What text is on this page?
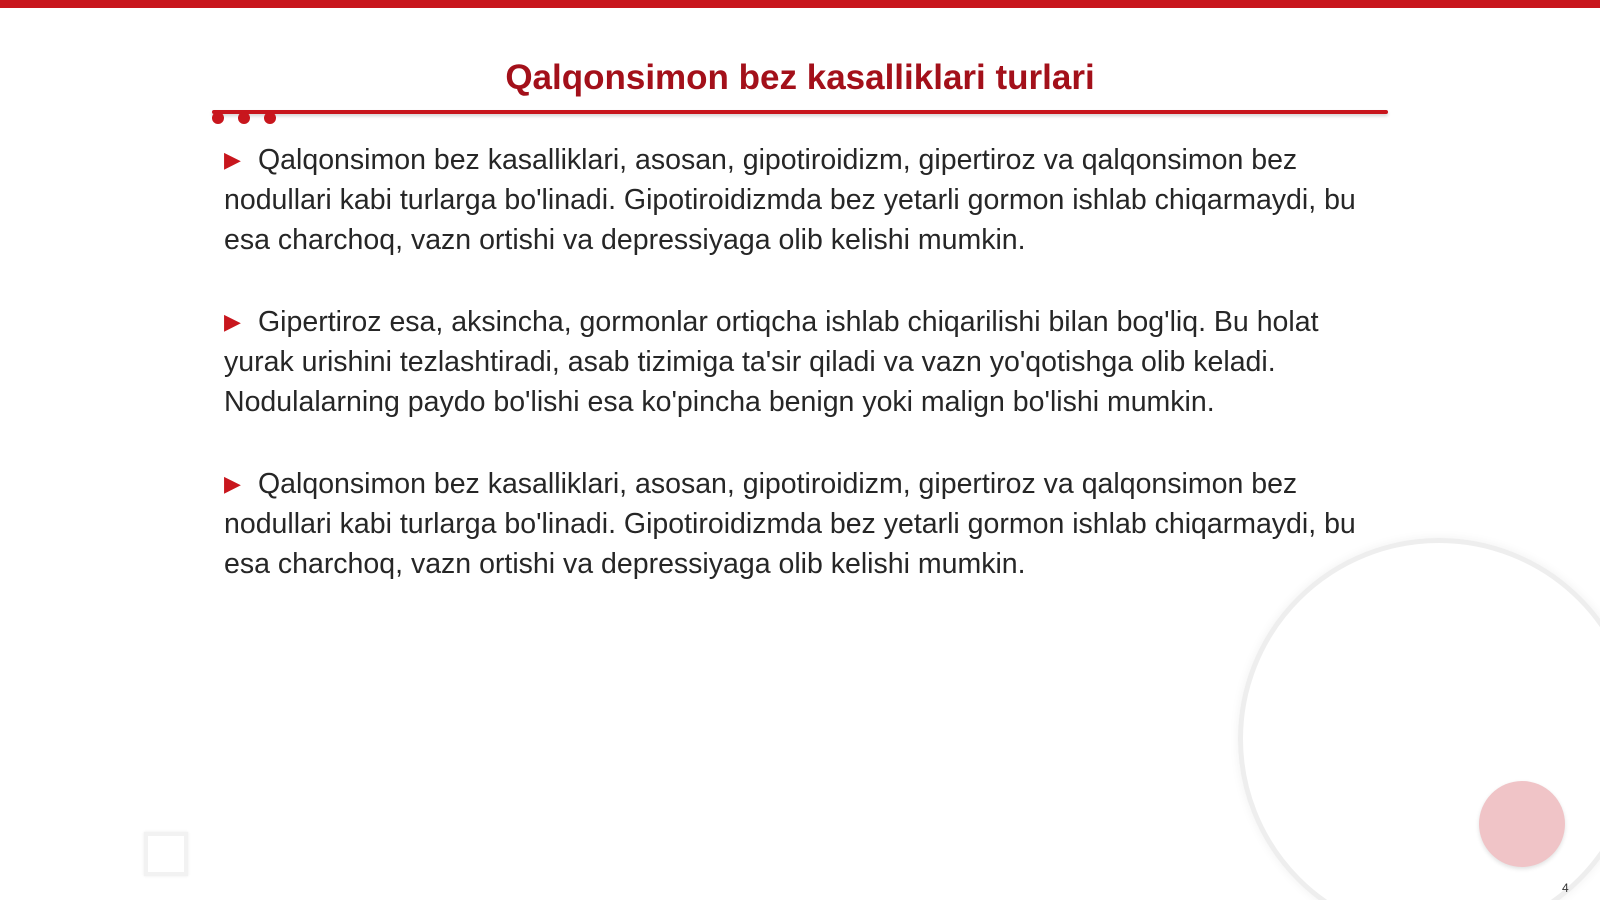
Qalqonsimon bez kasalliklari turlari

▶ Qalqonsimon bez kasalliklari, asosan, gipotiroidizm, gipertiroz va qalqonsimon bez nodullari kabi turlarga bo'linadi. Gipotiroidizmda bez yetarli gormon ishlab chiqarmaydi, bu esa charchoq, vazn ortishi va depressiyaga olib kelishi mumkin.

▶ Gipertiroz esa, aksincha, gormonlar ortiqcha ishlab chiqarilishi bilan bog'liq. Bu holat yurak urishini tezlashtiradi, asab tizimiga ta'sir qiladi va vazn yo'qotishga olib keladi. Nodulalarning paydo bo'lishi esa ko'pincha benign yoki malign bo'lishi mumkin.

▶ Qalqonsimon bez kasalliklari, asosan, gipotiroidizm, gipertiroz va qalqonsimon bez nodullari kabi turlarga bo'linadi. Gipotiroidizmda bez yetarli gormon ishlab chiqarmaydi, bu esa charchoq, vazn ortishi va depressiyaga olib kelishi mumkin.

4
